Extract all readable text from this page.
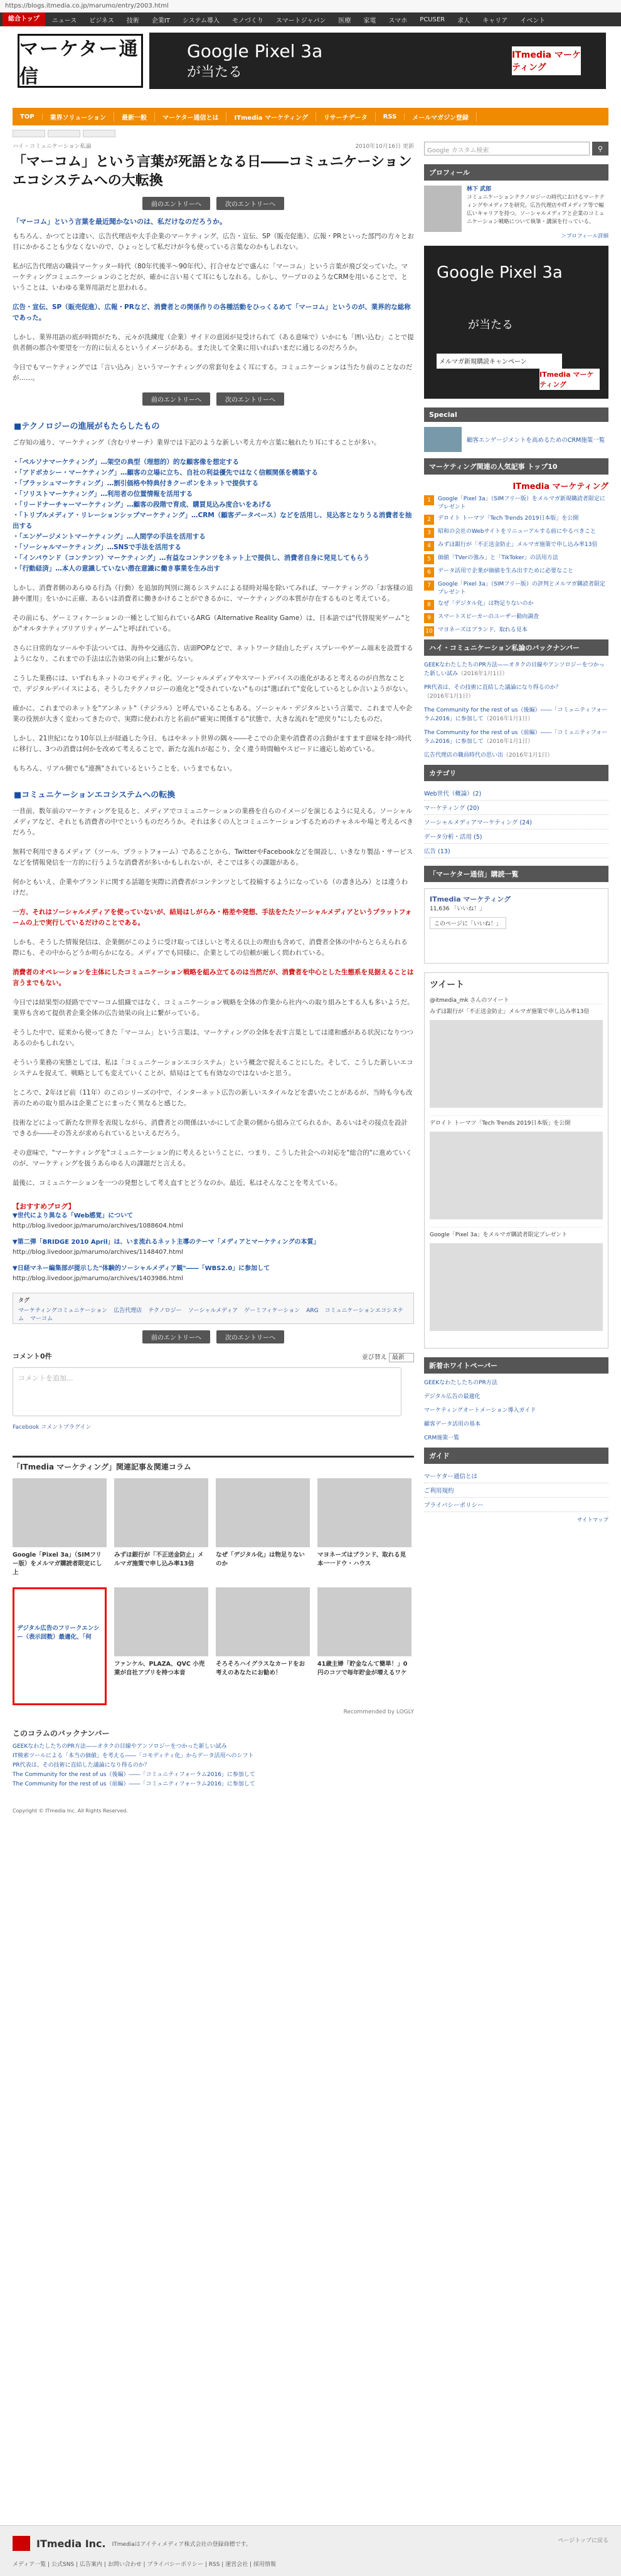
https://blogs.itmedia.co.jp/marumo/entry/2003.html
総合トップ	ニュース	ビジネス	技術	企業IT	システム導入	モノづくり	スマートジャパン	医療	家電	スマホ	PCUSER	求人	キャリア	イベント
マーケター通信
Google Pixel 3a
が当たる
ITmedia マーケティング
TOP	業界ソリューション	最新一般	マーケター通信とは	ITmedia マーケティング	リサーチデータ	RSS	メールマガジン登録
ハイ・コミュニケーション私論	2010年10月16日 更新
「マーコム」という言葉が死語となる日――コミュニケーションエコシステムへの大転換
前のエントリーへ	次のエントリーへ
「マーコム」という言葉を最近聞かないのは、私だけなのだろうか。

もちろん、かつてとは違い、広告代理店や大手企業のマーケティング、広告・宣伝、SP（販売促進）、広報・PRといった部門の方々とお目にかかることも少なくないので、ひょっとして私だけが今も使っている言葉なのかもしれない。

私が広告代理店の職員マーケッター時代（80年代後半～90年代）、打合せなどで盛んに「マーコム」という言葉が飛び交っていた。マーケティングコミュニケーションのことだが、確かに言い易くて耳にもしなれる。しかし、ワープロのようなCRMを用いることで、ということは、いわゆる業界用語だと思われる。

広告・宣伝、SP（販売促進）、広報・PRなど、消費者との関係作りの各種活動をひっくるめて「マーコム」というのが、業界的な総称であった。

しかし、業界用語の底が時間がたち、元々が洗練度（企業）サイドの意図が見受けられて（ある意味で）いかにも「囲い込む」ことで提供者側の都合や要望を一方的に伝えるというイメージがある。また決して全業に用いればいまだに通じるのだろうか。

今日でもマーケティングでは「言い込み」というマーケティングの常套句をよく耳にする。コミュニケーションは当たり前のことなのだが……。

前のエントリーへ	次のエントリーへ
■テクノロジーの進展がもたらしたもの

ご存知の通り、マーケティング（含むリサーチ）業界では下記のような新しい考え方や言葉に触れたり耳にすることが多い。

・「ペルソナマーケティング」…架空の典型（理想的）的な顧客像を想定する
・「アドボカシー・マーケティング」…顧客の立場に立ち、自社の利益優先ではなく信頼関係を構築する
・「ブラッシュマーケティング」…割引価格や特典付きクーポンをネットで提供する
・「ソリストマーケティング」…利用者の位置情報を活用する
・「リードナーチャーマーケティング」…顧客の段階で育成、購買見込み度合いをあげる
・「トリプルメディア・リレーションシップマーケティング」…CRM（顧客データベース）などを活用し、見込客となりうる消費者を抽出する
・「エンゲージメントマーケティング」…人間学の手法を活用する
・「ソーシャルマーケティング」…SNSで手法を活用する
・「インバウンド（コンテンツ）マーケティング」…有益なコンテンツをネット上で提供し、消費者自身に発見してもらう
・「行動経済」…本人の意識していない潜在意識に働き事業を生み出す

しかし、消費者側のあらゆる行為（行動）を追加的判別に測るシステムによる経時対場を除いてみれば、マーケティングの「お客様の追跡や運用」をいかに正確、あるいは消費者に働きかけることができるかに、マーケティングの本質が存在するものと考えている。

その前にも、ゲーミフィケーションの一種として知られているARG（Alternative Reality Game）は、日本語では"代替現実ゲーム"とか"オルタナティブリアリティゲーム"と呼ばれている。

さらに日常的なツールや手法ついては、海外や交通広告、店頭POPなどで、ネットワーク経由したディスプレーやゲーム端末を設置するようになり、これまでの手法は広告効果の向上に繋がらない。

こうした業務には、いずれもネットのコモディティ化、ソーシャルメディアやスマートデバイスの進化があると考えるのが自然なことで、デジタルデバイスによる、そうしたテクノロジーの進化と"受されていない"ものは"選ばれて"変化しているとしか言いようがない。

確かに、これまでのネットを"アンネット"（テジラル）と呼んでいることもある。ソーシャル・デジタルという言葉で、これまで人や企業の役割が大きく変わってきたので、実際に使われ方と名前が"確実に関係する"状態で、大きな流れを"逆戻り"にしたものだ。

しかし、21世紀になり10年以上が経過した今日、もはやネット世界の隅々――そこでの企業や消費者の言動がますます意味を持つ時代に移行し、3つの消費は何かを改めて考えることで、新たな流れが起こり、全く違う時間軸やスピードに適応し始めている。

もちろん、リアル側でも"連携"されているということを、いうまでもない。

■コミュニケーションエコシステムへの転換

一昔前、数年前のマーケティングを見ると、メディアでコミュニケーションの業務を自らのイメージを演じるように見える。ソーシャルメディアなど、それとも消費者の中でというものだろうか。それは多くの人とコミュニケーションするためのチャネルや場と考えるべきだろう。

無料で利用できるメディア（ツール、プラットフォーム）であることから、TwitterやFacebookなどを開設し、いきなり製品・サービスなどを情報発信を一方的に行うような消費者が多いかもしれないが、そこでは多くの課題がある。

何かともいえ、企業やブランドに関する話題を実際に消費者がコンテンツとして投稿するようになっている（の書き込み）とは違うわけだ。

一方、それはソーシャルメディアを使っていないが、結局はしがらみ・格差や発想、手法をたたソーシャルメディアというプラットフォームの上で実行しているだけのことである。

しかも、そうした情報発信は、企業側がこのように受け取ってほしいと考える以上の理由も含めて、消費者全体の中からとらえられる際にも、その中からどうか明らかになる。メディアでも同様に、企業としての信頼が厳しく問われている。

消費者のオペレーションを主体にしたコミュニケーション戦略を組み立てるのは当然だが、消費者を中心とした生態系を見据えることは言うまでもない。

今日では結果型の経路ででマーコム組織ではなく、コミュニケーション戦略を全体の作業から社内への取り組みとする人も多いようだ。業界も含めて提供者企業全体の広告効果の向上に繋がっている。

そうした中で、従来から使ってきた「マーコム」という言葉は、マーケティングの全体を表す言葉としては違和感がある状況になりつつあるのかもしれない。

そういう業務の実態としては、私は「コミュニケーションエコシステム」という概念で捉えることにした。そして、こうした新しいエコシステムを捉えて、戦略としても変えていくことが、結局はとても有効なのではないかと思う。

ところで、2年ほど前（11年）のこのシリーズの中で、インターネット広告の新しいスタイルなどを書いたことがあるが、当時も今も改善のための取り組みは企業ごとにまったく異なると感じた。

技術などによって新たな世界を表現しながら、消費者との関係はいかにして企業の側から組み立てられるか、あるいはその接点を設計できるか――その答えが求められているといえるだろう。

その意味で、"マーケティングを"コミュニケーション的に考えるということに、つまり、こうした社会への対応を"総合的"に進めていくのが、マーケティングを扱うあらゆる人の課題だと言える。

最後に、コミュニケーションを一つの発想として考え直すとどうなのか。最近、私はそんなことを考えている。

【おすすめブログ】
▼世代により異なる「Web感覚」について
http://blog.livedoor.jp/marumo/archives/1088604.html
▼第二弾「BRIDGE 2010 April」は、いま流れるネット主導のテーマ「メディアとマーケティングの本質」
http://blog.livedoor.jp/marumo/archives/1148407.html
▼日経マネー編集部が提示した"体験的ソーシャルメディア観"――「WBS2.0」に参加して
http://blog.livedoor.jp/marumo/archives/1403986.html
タグ
マーケティングコミュニケーション 広告代理店 テクノロジー ソーシャルメディア ゲーミフィケーション ARG コミュニケーションエコシステム マーコム
前のエントリーへ	次のエントリーへ
コメント0件	並び替え 最新
コメントを追加...
Facebook コメントプラグイン
「ITmedia マーケティング」関連記事＆関連コラム
Google「Pixel 3a」（SIMフリー版）をメルマガ購読者限定にし上
みずほ銀行が「不正送金防止」メルマガ施策で申し込み率13倍
なぜ「デジタル化」は物足りないのか
マヨネーズはブランド、取れる見本一一ドウ・ハウス
デジタル広告のフリークエンシー（表示回数）最適化、「何
ファンケル、PLAZA、QVC 小売業が自社アプリを持つ本音
そろそろハイグラスなカードをお考えのあなたにお勧め！
41歳主婦「貯金なんて簡単！」0円のコツで毎年貯金が増えるワケ
Recommended by LOGLY
このコラムのバックナンバー
GEEKなわたしたちのPR方法——オタクの目線やアンソロジーをつかった新しい試み
IT検索ツールによる「本当の価値」を考える――「コモディティ化」からデータ活用へのシフト
PR代表は、その技術に直結した議論になり得るのか？
The Community for the rest of us（後編）――「コミュニティフォーラム2016」に参加して
The Community for the rest of us（前編）――「コミュニティフォーラム2016」に参加して
Copyright © ITmedia Inc. All Rights Reserved.
Google カスタム検索	⚲
プロフィール
林下 武郎
コミュニケーションテクノロジーの時代におけるマーケティングやメディアを研究。広告代理店やITメディア等で幅広いキャリアを持つ。ソーシャルメディアと企業のコミュニケーション戦略について執筆・講演を行っている。
＞プロフィール詳細
Google Pixel 3a
が当たる
メルマガ新規購読キャンペーン
ITmedia マーケティング
Special
顧客エンゲージメントを高めるためのCRM施策一覧
マーケティング関連の人気記事 トップ10
ITmedia マーケティング
1	Google「Pixel 3a」（SIMフリー版）をメルマガ新規購読者限定にプレゼント
2	デロイト トーマツ「Tech Trends 2019日本版」を公開
3	昭和の会社のWebサイトをリニューアルする前にやるべきこと
4	みずほ銀行が「不正送金防止」メルマガ施策で申し込み率13倍
5	価値「TVerの強み」と「TikToker」の活用方法
6	データ活用で企業が価値を生み出すために必要なこと
7	Google「Pixel 3a」（SIMフリー版）の評判とメルマガ購読者限定プレゼント
8	なぜ「デジタル化」は物足りないのか
9	スマートスピーカーのユーザー動向調査
10 マヨネーズはブランド、取れる見本
ハイ・コミュニケーション私論のバックナンバー
GEEKなわたしたちのPR方法——オタクの目線やアンソロジーをつかった新しい試み（2016年1月1日）
PR代表は、その技術に直結した議論になり得るのか？（2016年1月1日）
The Community for the rest of us（後編）――「コミュニティフォーラム2016」に参加して（2016年1月1日）
The Community for the rest of us（前編）――「コミュニティフォーラム2016」に参加して（2016年1月1日）
広告代理店の職員時代の思い出（2016年1月1日）
カテゴリ
Web世代（概論）(2)
マーケティング (20)
ソーシャルメディアマーケティング (24)
データ分析・活用 (5)
広告 (13)
「マーケター通信」購読一覧
ITmedia マーケティング
11,636 「いいね！」
このページに「いいね！」
ツイート
@itmedia_mk さんのツイート
みずほ銀行が「不正送金防止」メルマガ施策で申し込み率13倍
デロイト トーマツ「Tech Trends 2019日本版」を公開
Google「Pixel 3a」をメルマガ購読者限定プレゼント
新着ホワイトペーパー
GEEKなわたしたちのPR方法
デジタル広告の最適化
マーケティングオートメーション導入ガイド
顧客データ活用の基本
CRM施策一覧
ガイド
マーケター通信とは
ご利用規約
プライバシーポリシー
サイトマップ
ITmedia Inc. ITmediaはアイティメディア株式会社の登録商標です。
メディア一覧 | 公式SNS | 広告案内 | お問い合わせ | プライバシーポリシー | RSS | 運営会社 | 採用情報
ページトップに戻る
